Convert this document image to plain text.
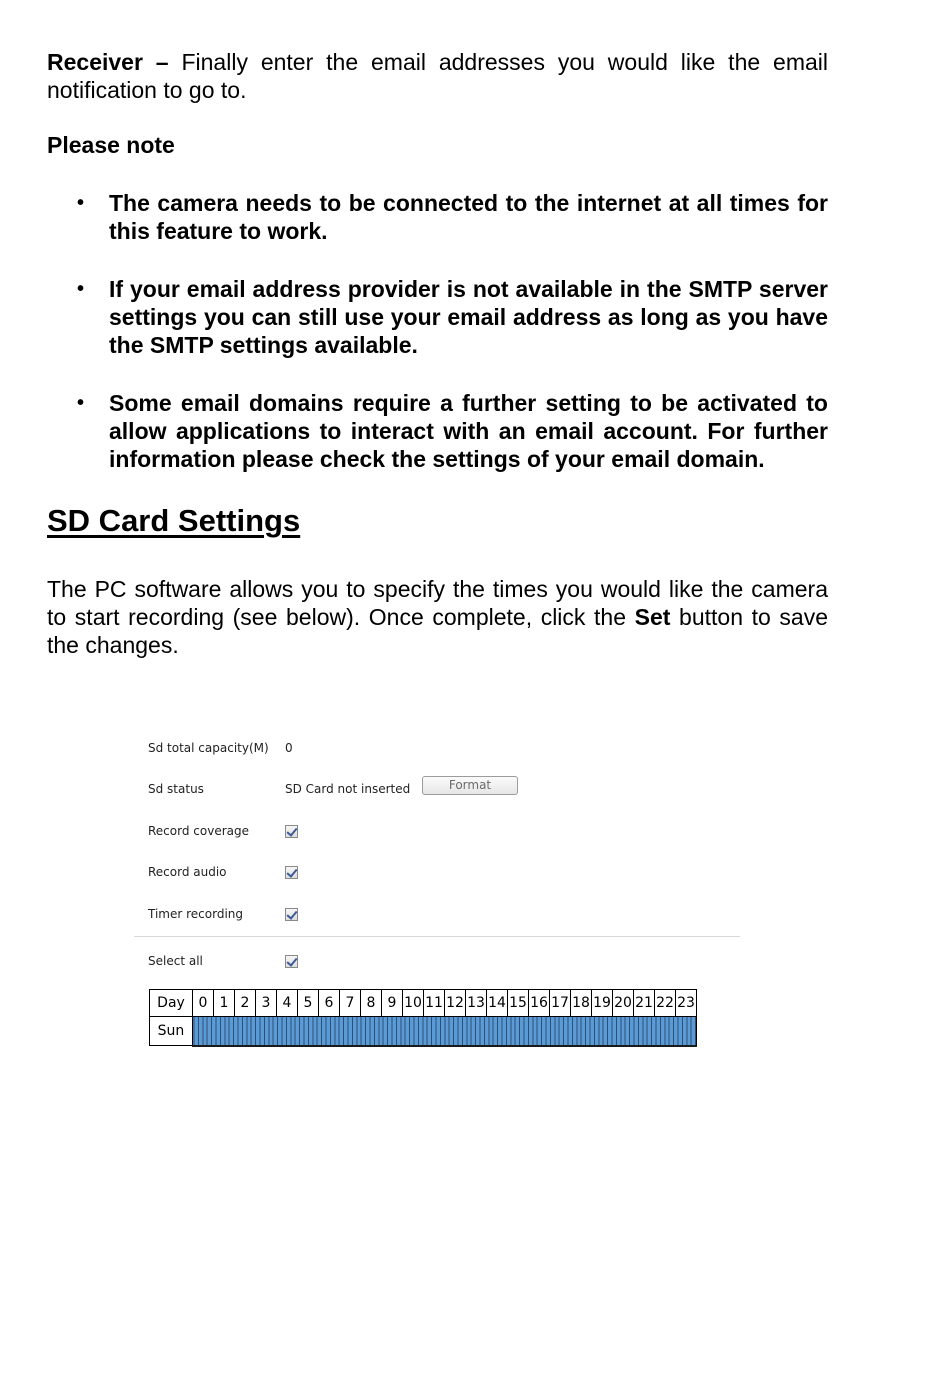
Receiver – Finally enter the email addresses you would like the email notification to go to.

Please note

• The camera needs to be connected to the internet at all times for this feature to work.
• If your email address provider is not available in the SMTP server settings you can still use your email address as long as you have the SMTP settings available.
• Some email domains require a further setting to be activated to allow applications to interact with an email account. For further information please check the settings of your email domain.
SD Card Settings

The PC software allows you to specify the times you would like the camera to start recording (see below). Once complete, click the Set button to save the changes.

Sd total capacity(M)	0
Sd status	SD Card not inserted	Format
Record coverage
Record audio
Timer recording
Select all
Day	0	1	2	3	4	5	6	7	8	9	10	11	12	13	14	15	16	17	18	19	20	21	22	23
Sun																								
